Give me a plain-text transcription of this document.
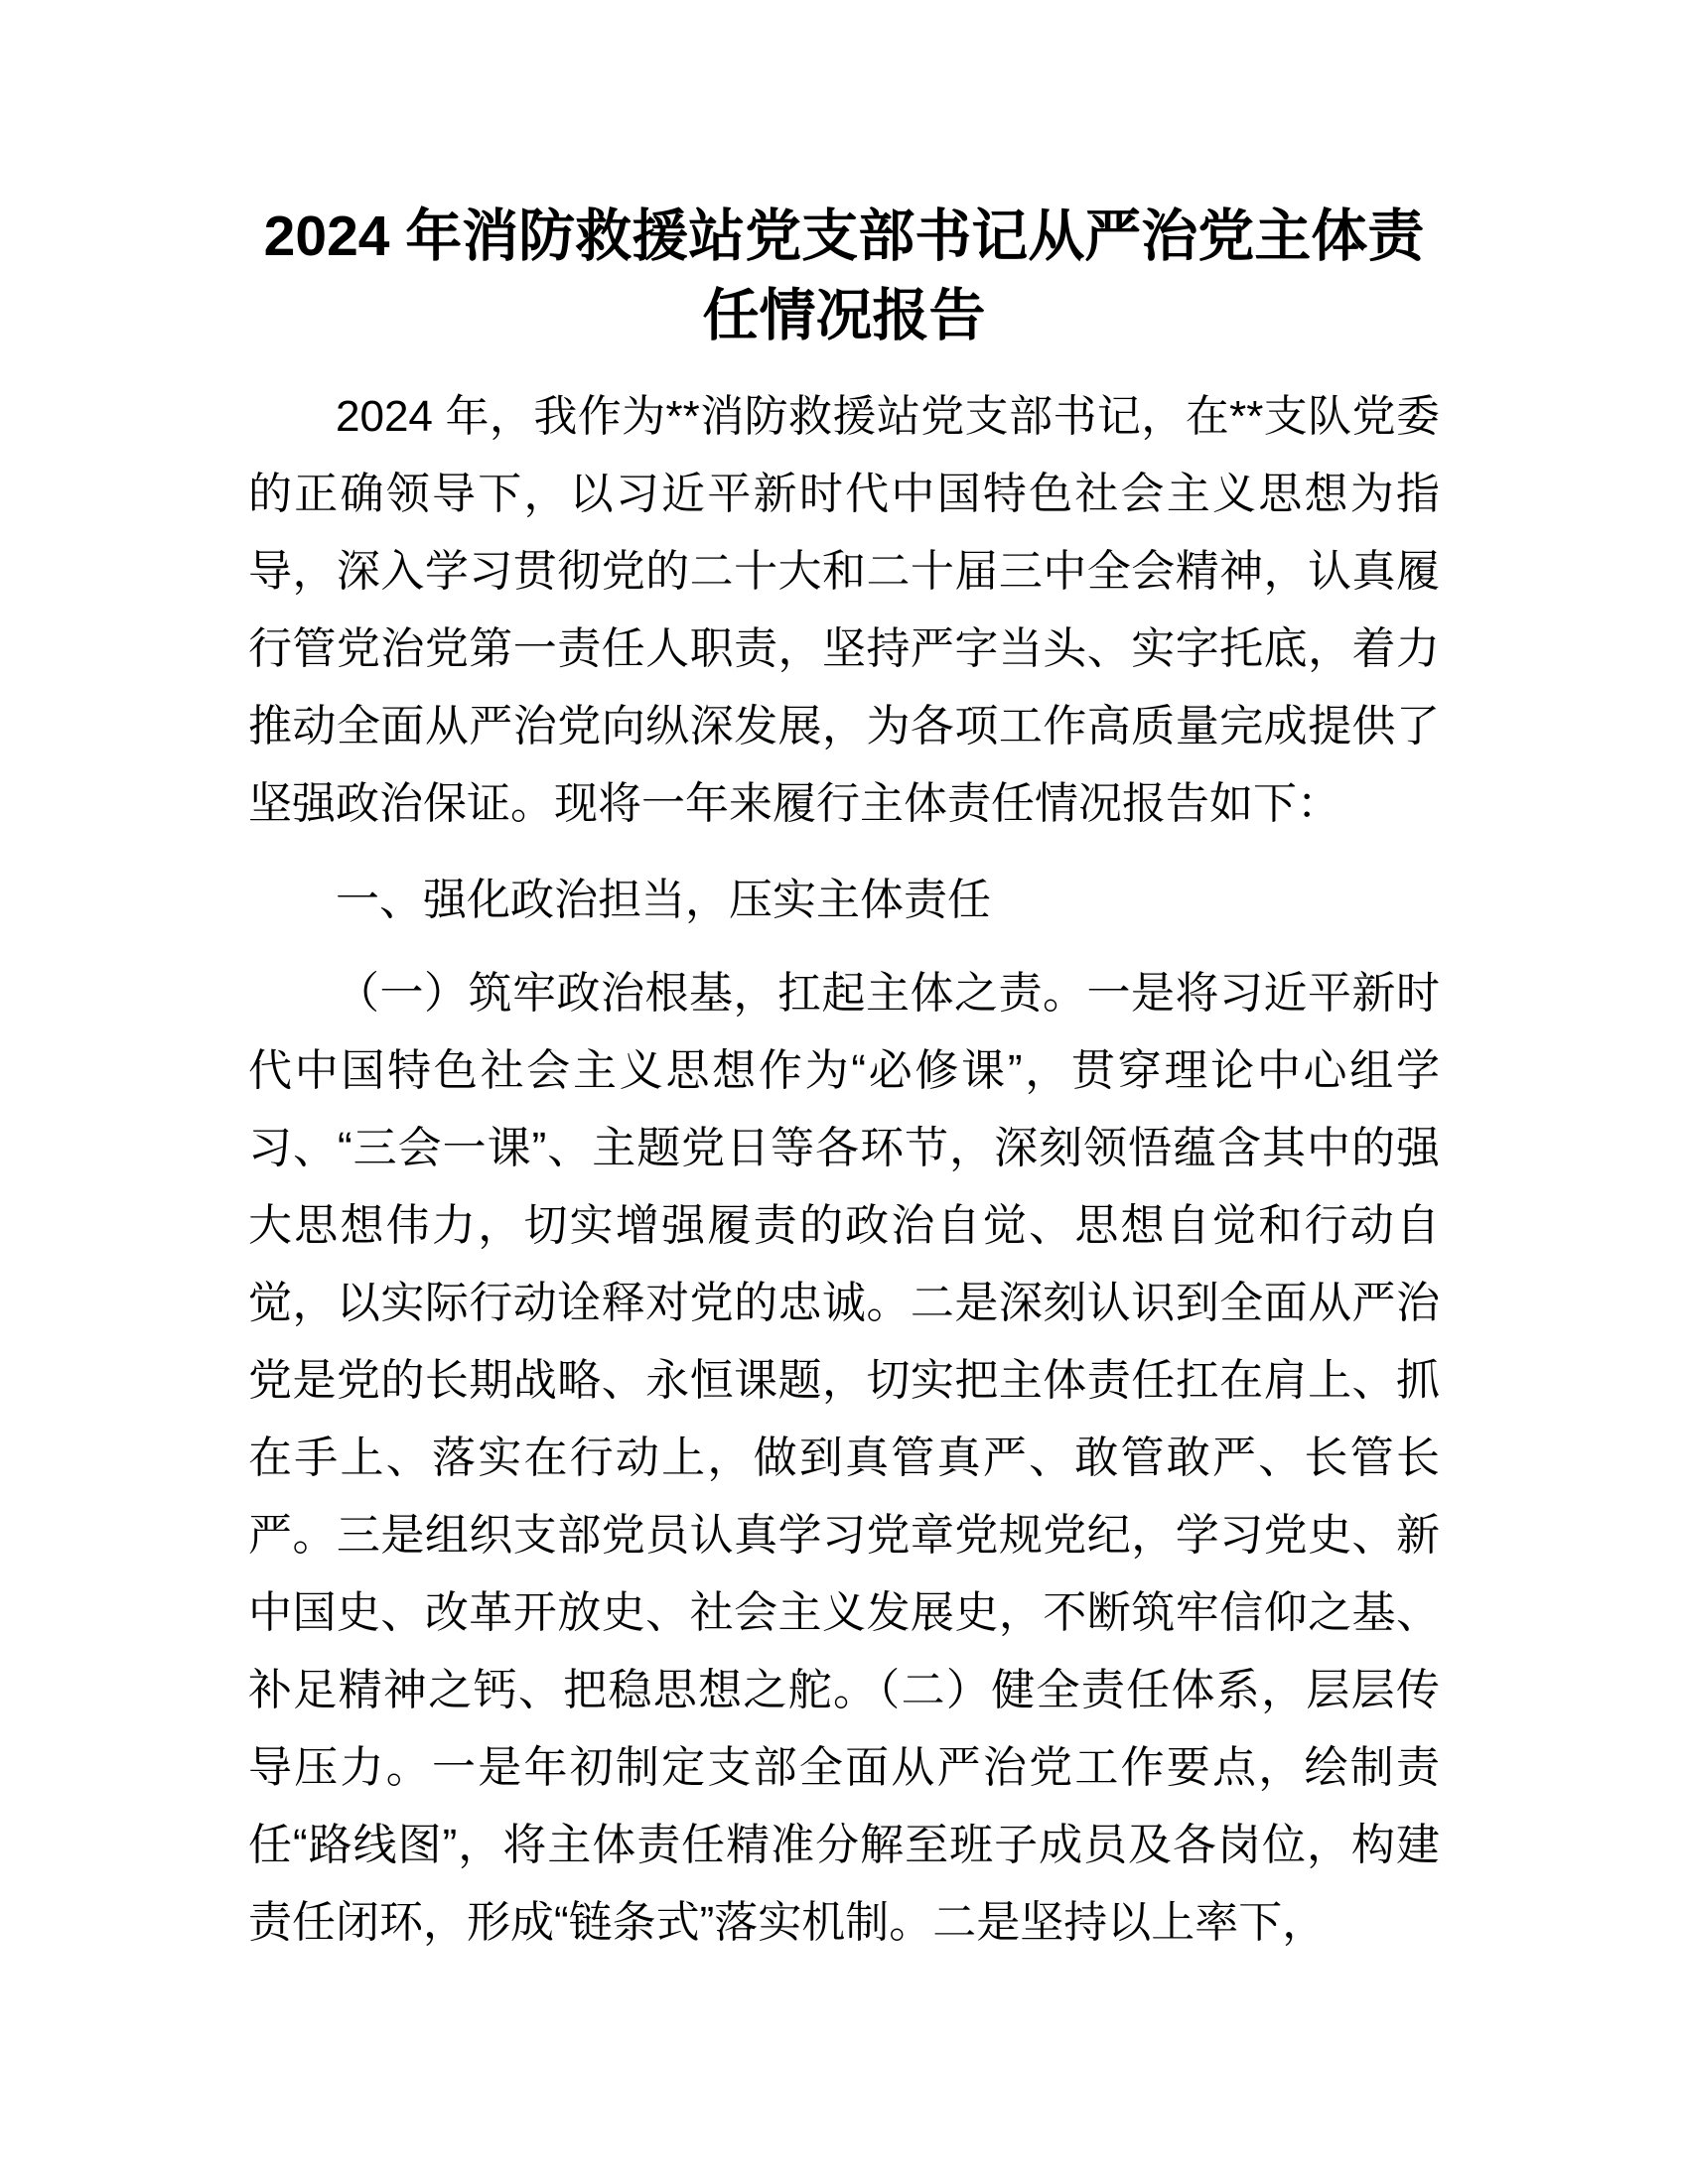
2024 年消防救援站党支部书记从严治党主体责任情况报告

2024 年，我作为**消防救援站党支部书记，在**支队党委的正确领导下，以习近平新时代中国特色社会主义思想为指导，深入学习贯彻党的二十大和二十届三中全会精神，认真履行管党治党第一责任人职责，坚持严字当头、实字托底，着力推动全面从严治党向纵深发展，为各项工作高质量完成提供了坚强政治保证。现将一年来履行主体责任情况报告如下：

一、强化政治担当，压实主体责任

（一）筑牢政治根基，扛起主体之责。一是将习近平新时代中国特色社会主义思想作为“必修课”，贯穿理论中心组学习、“三会一课”、主题党日等各环节，深刻领悟蕴含其中的强大思想伟力，切实增强履责的政治自觉、思想自觉和行动自觉，以实际行动诠释对党的忠诚。二是深刻认识到全面从严治党是党的长期战略、永恒课题，切实把主体责任扛在肩上、抓在手上、落实在行动上，做到真管真严、敢管敢严、长管长严。三是组织支部党员认真学习党章党规党纪，学习党史、新中国史、改革开放史、社会主义发展史，不断筑牢信仰之基、补足精神之钙、把稳思想之舵。（二）健全责任体系，层层传导压力。一是年初制定支部全面从严治党工作要点，绘制责任“路线图”，将主体责任精准分解至班子成员及各岗位，构建责任闭环，形成“链条式”落实机制。二是坚持以上率下，
